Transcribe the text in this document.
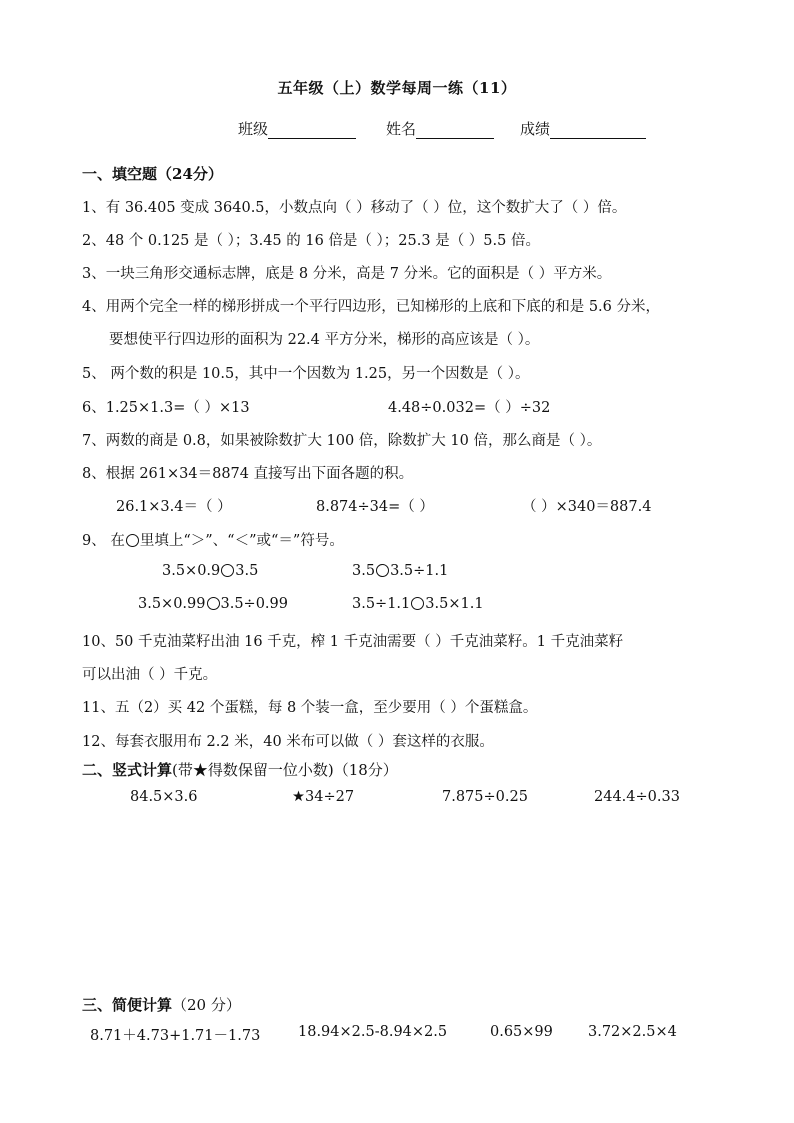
五年级（上）数学每周一练（11）
班级	姓名	成绩
一、填空题（24分）
1、有 36.405 变成 3640.5，小数点向（ ）移动了（ ）位，这个数扩大了（ ）倍。
2、48 个 0.125 是（ ）；3.45 的 16 倍是（ ）；25.3 是（ ）5.5 倍。
3、一块三角形交通标志牌，底是 8 分米，高是 7 分米。它的面积是（ ）平方米。
4、用两个完全一样的梯形拼成一个平行四边形，已知梯形的上底和下底的和是 5.6 分米，
要想使平行四边形的面积为 22.4 平方分米，梯形的高应该是（ ）。
5、 两个数的积是 10.5，其中一个因数为 1.25，另一个因数是（ ）。
6、1.25×1.3=（ ）×13	4.48÷0.032=（ ）÷32
7、两数的商是 0.8，如果被除数扩大 100 倍，除数扩大 10 倍，那么商是（ ）。
8、根据 261×34＝8874 直接写出下面各题的积。
26.1×3.4＝（ ）	8.874÷34=（ ）	（ ）×340＝887.4
9、 在 里填上“＞”、“＜”或“＝”符号。
3.5×0.9 3.5	3.5 3.5÷1.1
3.5×0.99 3.5÷0.99	3.5÷1.1 3.5×1.1
10、50 千克油菜籽出油 16 千克，榨 1 千克油需要（ ）千克油菜籽。1 千克油菜籽
可以出油（ ）千克。
11、五（2）买 42 个蛋糕，每 8 个装一盒，至少要用（ ）个蛋糕盒。
12、每套衣服用布 2.2 米，40 米布可以做（ ）套这样的衣服。
二、竖式计算(带★得数保留一位小数)（18分）
84.5×3.6	★34÷27	7.875÷0.25	244.4÷0.33
三、简便计算（20 分）
8.71＋4.73+1.71－1.73	18.94×2.5-8.94×2.5	0.65×99 3.72×2.5×4
